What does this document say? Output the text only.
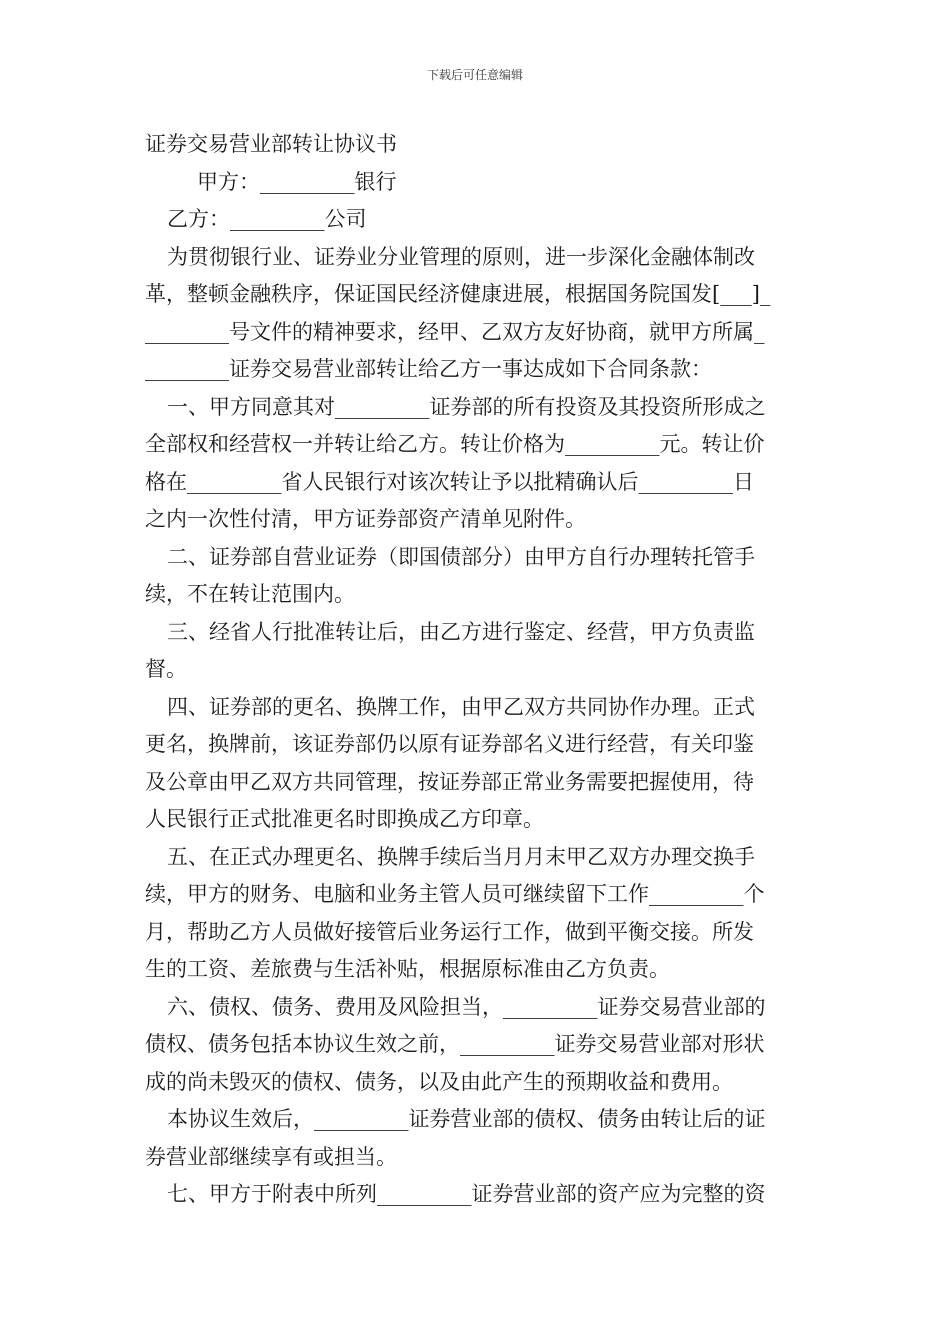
下载后可任意编辑
证券交易营业部转让协议书
甲方：_________银行
乙方：_________公司
为贯彻银行业、证券业分业管理的原则，进一步深化金融体制改
革，整顿金融秩序，保证国民经济健康进展，根据国务院国发[___]_
________号文件的精神要求，经甲、乙双方友好协商，就甲方所属_
________证券交易营业部转让给乙方一事达成如下合同条款：
一、甲方同意其对_________证券部的所有投资及其投资所形成之
全部权和经营权一并转让给乙方。转让价格为_________元。转让价
格在_________省人民银行对该次转让予以批精确认后_________日
之内一次性付清，甲方证券部资产清单见附件。
二、证券部自营业证券（即国债部分）由甲方自行办理转托管手
续，不在转让范围内。
三、经省人行批准转让后，由乙方进行鉴定、经营，甲方负责监
督。
四、证券部的更名、换牌工作，由甲乙双方共同协作办理。正式
更名，换牌前，该证券部仍以原有证券部名义进行经营，有关印鉴
及公章由甲乙双方共同管理，按证券部正常业务需要把握使用，待
人民银行正式批准更名时即换成乙方印章。
五、在正式办理更名、换牌手续后当月月末甲乙双方办理交换手
续，甲方的财务、电脑和业务主管人员可继续留下工作_________个
月，帮助乙方人员做好接管后业务运行工作，做到平衡交接。所发
生的工资、差旅费与生活补贴，根据原标准由乙方负责。
六、债权、债务、费用及风险担当，_________证券交易营业部的
债权、债务包括本协议生效之前，_________证券交易营业部对形状
成的尚未毁灭的债权、债务，以及由此产生的预期收益和费用。
本协议生效后，_________证券营业部的债权、债务由转让后的证
券营业部继续享有或担当。
七、甲方于附表中所列_________证券营业部的资产应为完整的资
